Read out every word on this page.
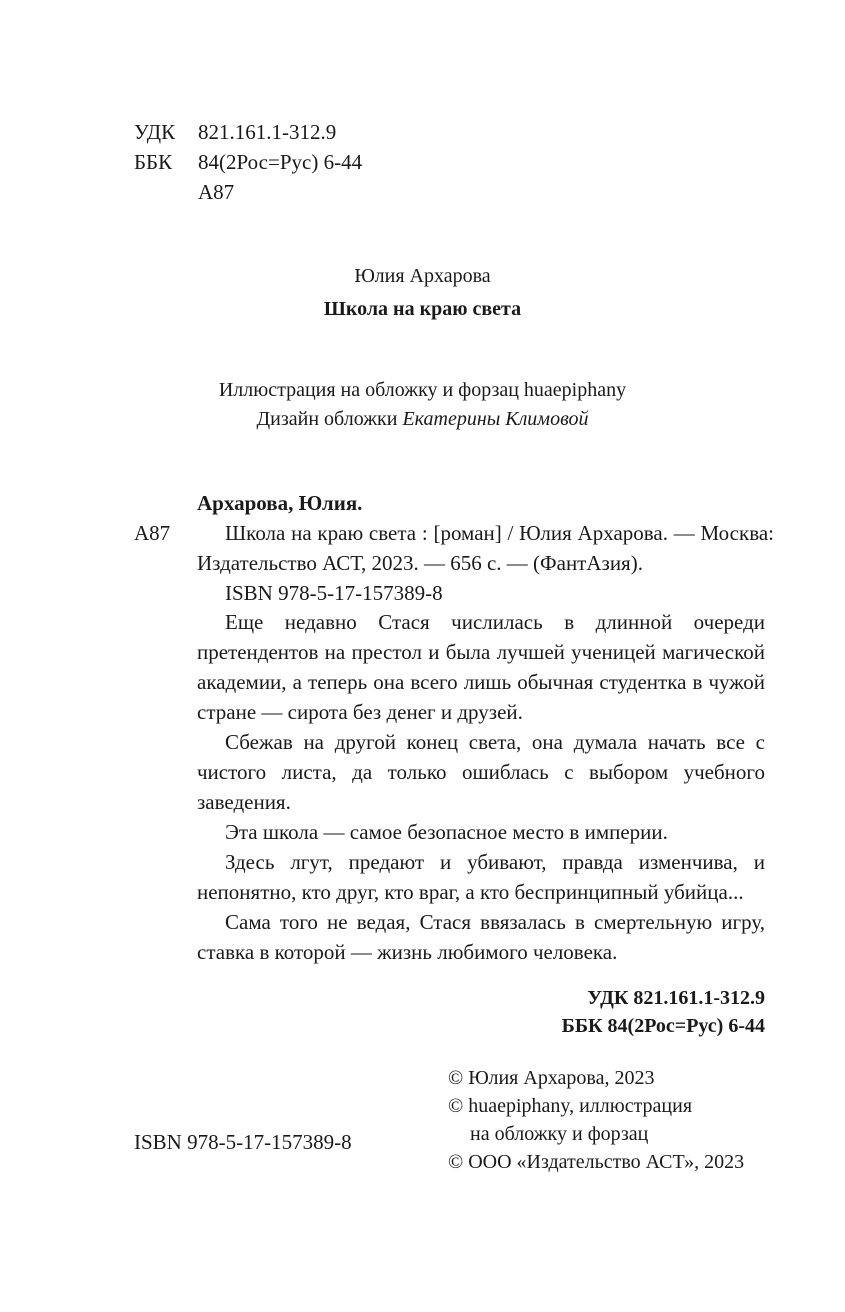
УДК	821.161.1-312.9
ББК	84(2Рос=Рус) 6-44
А87
Юлия Архарова
Школа на краю света
Иллюстрация на обложку и форзац huaepiphany
Дизайн обложки Екатерины Климовой
Архарова, Юлия.
А87	Школа на краю света : [роман] / Юлия Архарова. — Москва: Издательство АСТ, 2023. — 656 с. — (ФантАзия).
ISBN 978-5-17-157389-8

Еще недавно Стася числилась в длинной очереди претендентов на престол и была лучшей ученицей магической академии, а теперь она всего лишь обычная студентка в чужой стране — сирота без денег и друзей.

Сбежав на другой конец света, она думала начать все с чистого листа, да только ошиблась с выбором учебного заведения.

Эта школа — самое безопасное место в империи.

Здесь лгут, предают и убивают, правда изменчива, и непонятно, кто друг, кто враг, а кто беспринципный убийца...

Сама того не ведая, Стася ввязалась в смертельную игру, ставка в которой — жизнь любимого человека.

УДК 821.161.1-312.9
ББК 84(2Рос=Рус) 6-44
© Юлия Архарова, 2023
© huaepiphany, иллюстрация
на обложку и форзац
© ООО «Издательство АСТ», 2023
ISBN 978-5-17-157389-8
